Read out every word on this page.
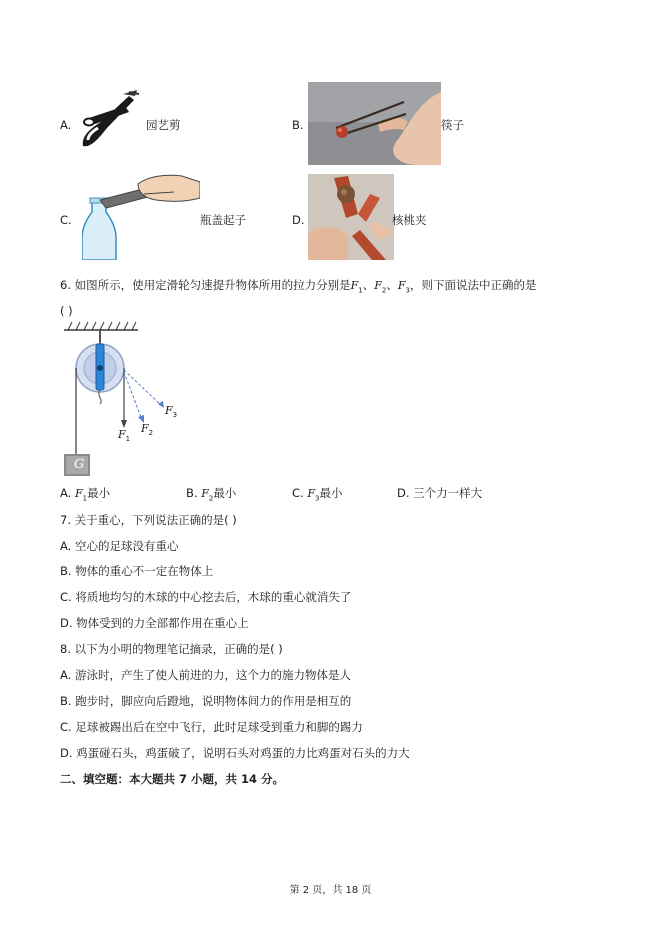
A.	园艺剪	B.	筷子
C.	瓶盖起子	D.	核桃夹
6. 如图所示，使用定滑轮匀速提升物体所用的拉力分别是$F_1$、$F_2$、$F_3$，则下面说法中正确的是
( )
G
$F_1$
$F_2$
$F_3$
A. $F_1$最小	B. $F_2$最小	C. $F_3$最小	D. 三个力一样大
7. 关于重心，下列说法正确的是( )
A. 空心的足球没有重心
B. 物体的重心不一定在物体上
C. 将质地均匀的木球的中心挖去后，木球的重心就消失了
D. 物体受到的力全部都作用在重心上
8. 以下为小明的物理笔记摘录，正确的是( )
A. 游泳时，产生了使人前进的力，这个力的施力物体是人
B. 跑步时，脚应向后蹬地，说明物体间力的作用是相互的
C. 足球被踢出后在空中飞行，此时足球受到重力和脚的踢力
D. 鸡蛋碰石头，鸡蛋破了，说明石头对鸡蛋的力比鸡蛋对石头的力大
二、填空题：本大题共 7 小题，共 14 分。
第 2 页，共 18 页
